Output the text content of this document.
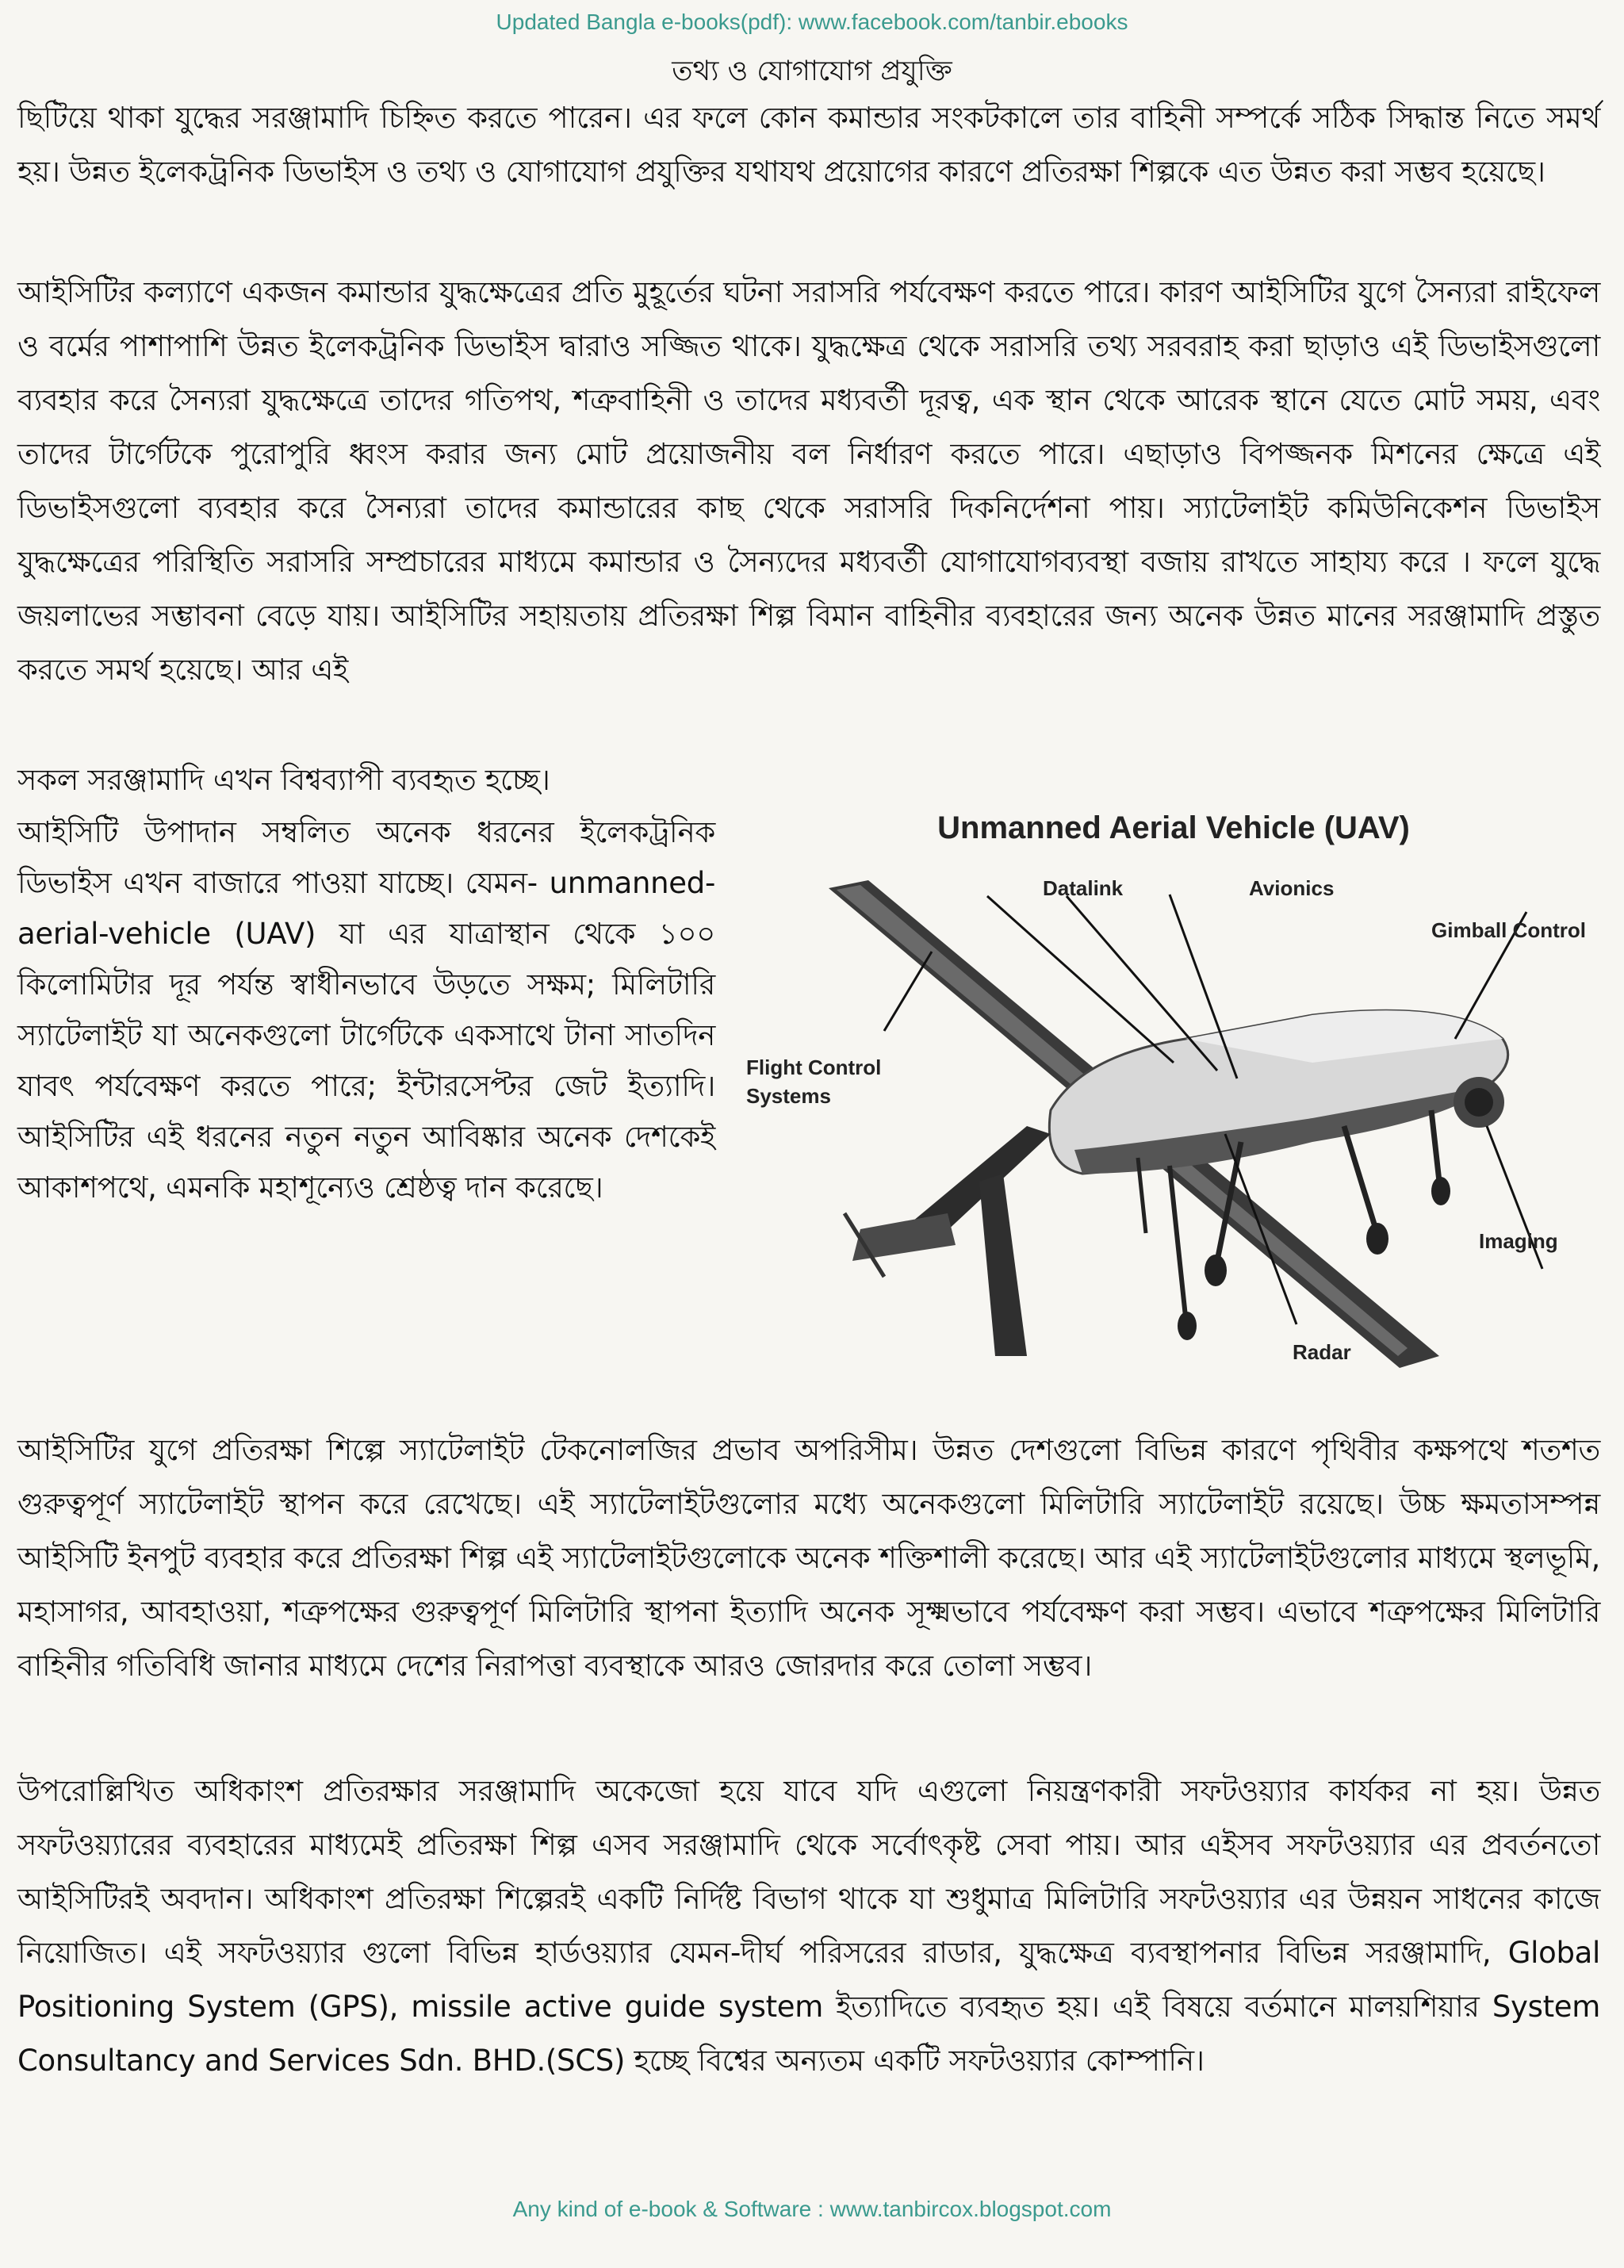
Updated Bangla e-books(pdf): www.facebook.com/tanbir.ebooks
তথ্য ও যোগাযোগ প্রযুক্তি

ছিটিয়ে থাকা যুদ্ধের সরঞ্জামাদি চিহ্নিত করতে পারেন। এর ফলে কোন কমান্ডার সংকটকালে তার বাহিনী সম্পর্কে সঠিক সিদ্ধান্ত নিতে সমর্থ হয়। উন্নত ইলেকট্রনিক ডিভাইস ও তথ্য ও যোগাযোগ প্রযুক্তির যথাযথ প্রয়োগের কারণে প্রতিরক্ষা শিল্পকে এত উন্নত করা সম্ভব হয়েছে।

আইসিটির কল্যাণে একজন কমান্ডার যুদ্ধক্ষেত্রের প্রতি মুহূর্তের ঘটনা সরাসরি পর্যবেক্ষণ করতে পারে। কারণ আইসিটির যুগে সৈন্যরা রাইফেল ও বর্মের পাশাপাশি উন্নত ইলেকট্রনিক ডিভাইস দ্বারাও সজ্জিত থাকে। যুদ্ধক্ষেত্র থেকে সরাসরি তথ্য সরবরাহ করা ছাড়াও এই ডিভাইসগুলো ব্যবহার করে সৈন্যরা যুদ্ধক্ষেত্রে তাদের গতিপথ, শত্রুবাহিনী ও তাদের মধ্যবর্তী দূরত্ব, এক স্থান থেকে আরেক স্থানে যেতে মোট সময়, এবং তাদের টার্গেটকে পুরোপুরি ধ্বংস করার জন্য মোট প্রয়োজনীয় বল নির্ধারণ করতে পারে। এছাড়াও বিপজ্জনক মিশনের ক্ষেত্রে এই ডিভাইসগুলো ব্যবহার করে সৈন্যরা তাদের কমান্ডারের কাছ থেকে সরাসরি দিকনির্দেশনা পায়। স্যাটেলাইট কমিউনিকেশন ডিভাইস যুদ্ধক্ষেত্রের পরিস্থিতি সরাসরি সম্প্রচারের মাধ্যমে কমান্ডার ও সৈন্যদের মধ্যবর্তী যোগাযোগব্যবস্থা বজায় রাখতে সাহায্য করে । ফলে যুদ্ধে জয়লাভের সম্ভাবনা বেড়ে যায়। আইসিটির সহায়তায় প্রতিরক্ষা শিল্প বিমান বাহিনীর ব্যবহারের জন্য অনেক উন্নত মানের সরঞ্জামাদি প্রস্তুত করতে সমর্থ হয়েছে। আর এই

সকল সরঞ্জামাদি এখন বিশ্বব্যাপী ব্যবহৃত হচ্ছে।

আইসিটি উপাদান সম্বলিত অনেক ধরনের ইলেকট্রনিক ডিভাইস এখন বাজারে পাওয়া যাচ্ছে। যেমন- unmanned-aerial-vehicle (UAV) যা এর যাত্রাস্থান থেকে ১০০ কিলোমিটার দূর পর্যন্ত স্বাধীনভাবে উড়তে সক্ষম; মিলিটারি স্যাটেলাইট যা অনেকগুলো টার্গেটকে একসাথে টানা সাতদিন যাবৎ পর্যবেক্ষণ করতে পারে; ইন্টারসেপ্টর জেট ইত্যাদি। আইসিটির এই ধরনের নতুন নতুন আবিষ্কার অনেক দেশকেই আকাশপথে, এমনকি মহাশূন্যেও শ্রেষ্ঠত্ব দান করেছে।

Unmanned Aerial Vehicle (UAV)
Datalink	Avionics
Gimball Control
Flight Control Systems
Imaging
Radar

আইসিটির যুগে প্রতিরক্ষা শিল্পে স্যাটেলাইট টেকনোলজির প্রভাব অপরিসীম। উন্নত দেশগুলো বিভিন্ন কারণে পৃথিবীর কক্ষপথে শতশত গুরুত্বপূর্ণ স্যাটেলাইট স্থাপন করে রেখেছে। এই স্যাটেলাইটগুলোর মধ্যে অনেকগুলো মিলিটারি স্যাটেলাইট রয়েছে। উচ্চ ক্ষমতাসম্পন্ন আইসিটি ইনপুট ব্যবহার করে প্রতিরক্ষা শিল্প এই স্যাটেলাইটগুলোকে অনেক শক্তিশালী করেছে। আর এই স্যাটেলাইটগুলোর মাধ্যমে স্থলভূমি, মহাসাগর, আবহাওয়া, শত্রুপক্ষের গুরুত্বপূর্ণ মিলিটারি স্থাপনা ইত্যাদি অনেক সূক্ষ্মভাবে পর্যবেক্ষণ করা সম্ভব। এভাবে শত্রুপক্ষের মিলিটারি বাহিনীর গতিবিধি জানার মাধ্যমে দেশের নিরাপত্তা ব্যবস্থাকে আরও জোরদার করে তোলা সম্ভব।

উপরোল্লিখিত অধিকাংশ প্রতিরক্ষার সরঞ্জামাদি অকেজো হয়ে যাবে যদি এগুলো নিয়ন্ত্রণকারী সফটওয়্যার কার্যকর না হয়। উন্নত সফটওয়্যারের ব্যবহারের মাধ্যমেই প্রতিরক্ষা শিল্প এসব সরঞ্জামাদি থেকে সর্বোৎকৃষ্ট সেবা পায়। আর এইসব সফটওয়্যার এর প্রবর্তনতো আইসিটিরই অবদান। অধিকাংশ প্রতিরক্ষা শিল্পেরই একটি নির্দিষ্ট বিভাগ থাকে যা শুধুমাত্র মিলিটারি সফটওয়্যার এর উন্নয়ন সাধনের কাজে নিয়োজিত। এই সফটওয়্যার গুলো বিভিন্ন হার্ডওয়্যার যেমন-দীর্ঘ পরিসরের রাডার, যুদ্ধক্ষেত্র ব্যবস্থাপনার বিভিন্ন সরঞ্জামাদি, Global Positioning System (GPS), missile active guide system ইত্যাদিতে ব্যবহৃত হয়। এই বিষয়ে বর্তমানে মালয়শিয়ার System Consultancy and Services Sdn. BHD.(SCS) হচ্ছে বিশ্বের অন্যতম একটি সফটওয়্যার কোম্পানি।

Any kind of e-book & Software : www.tanbircox.blogspot.com
